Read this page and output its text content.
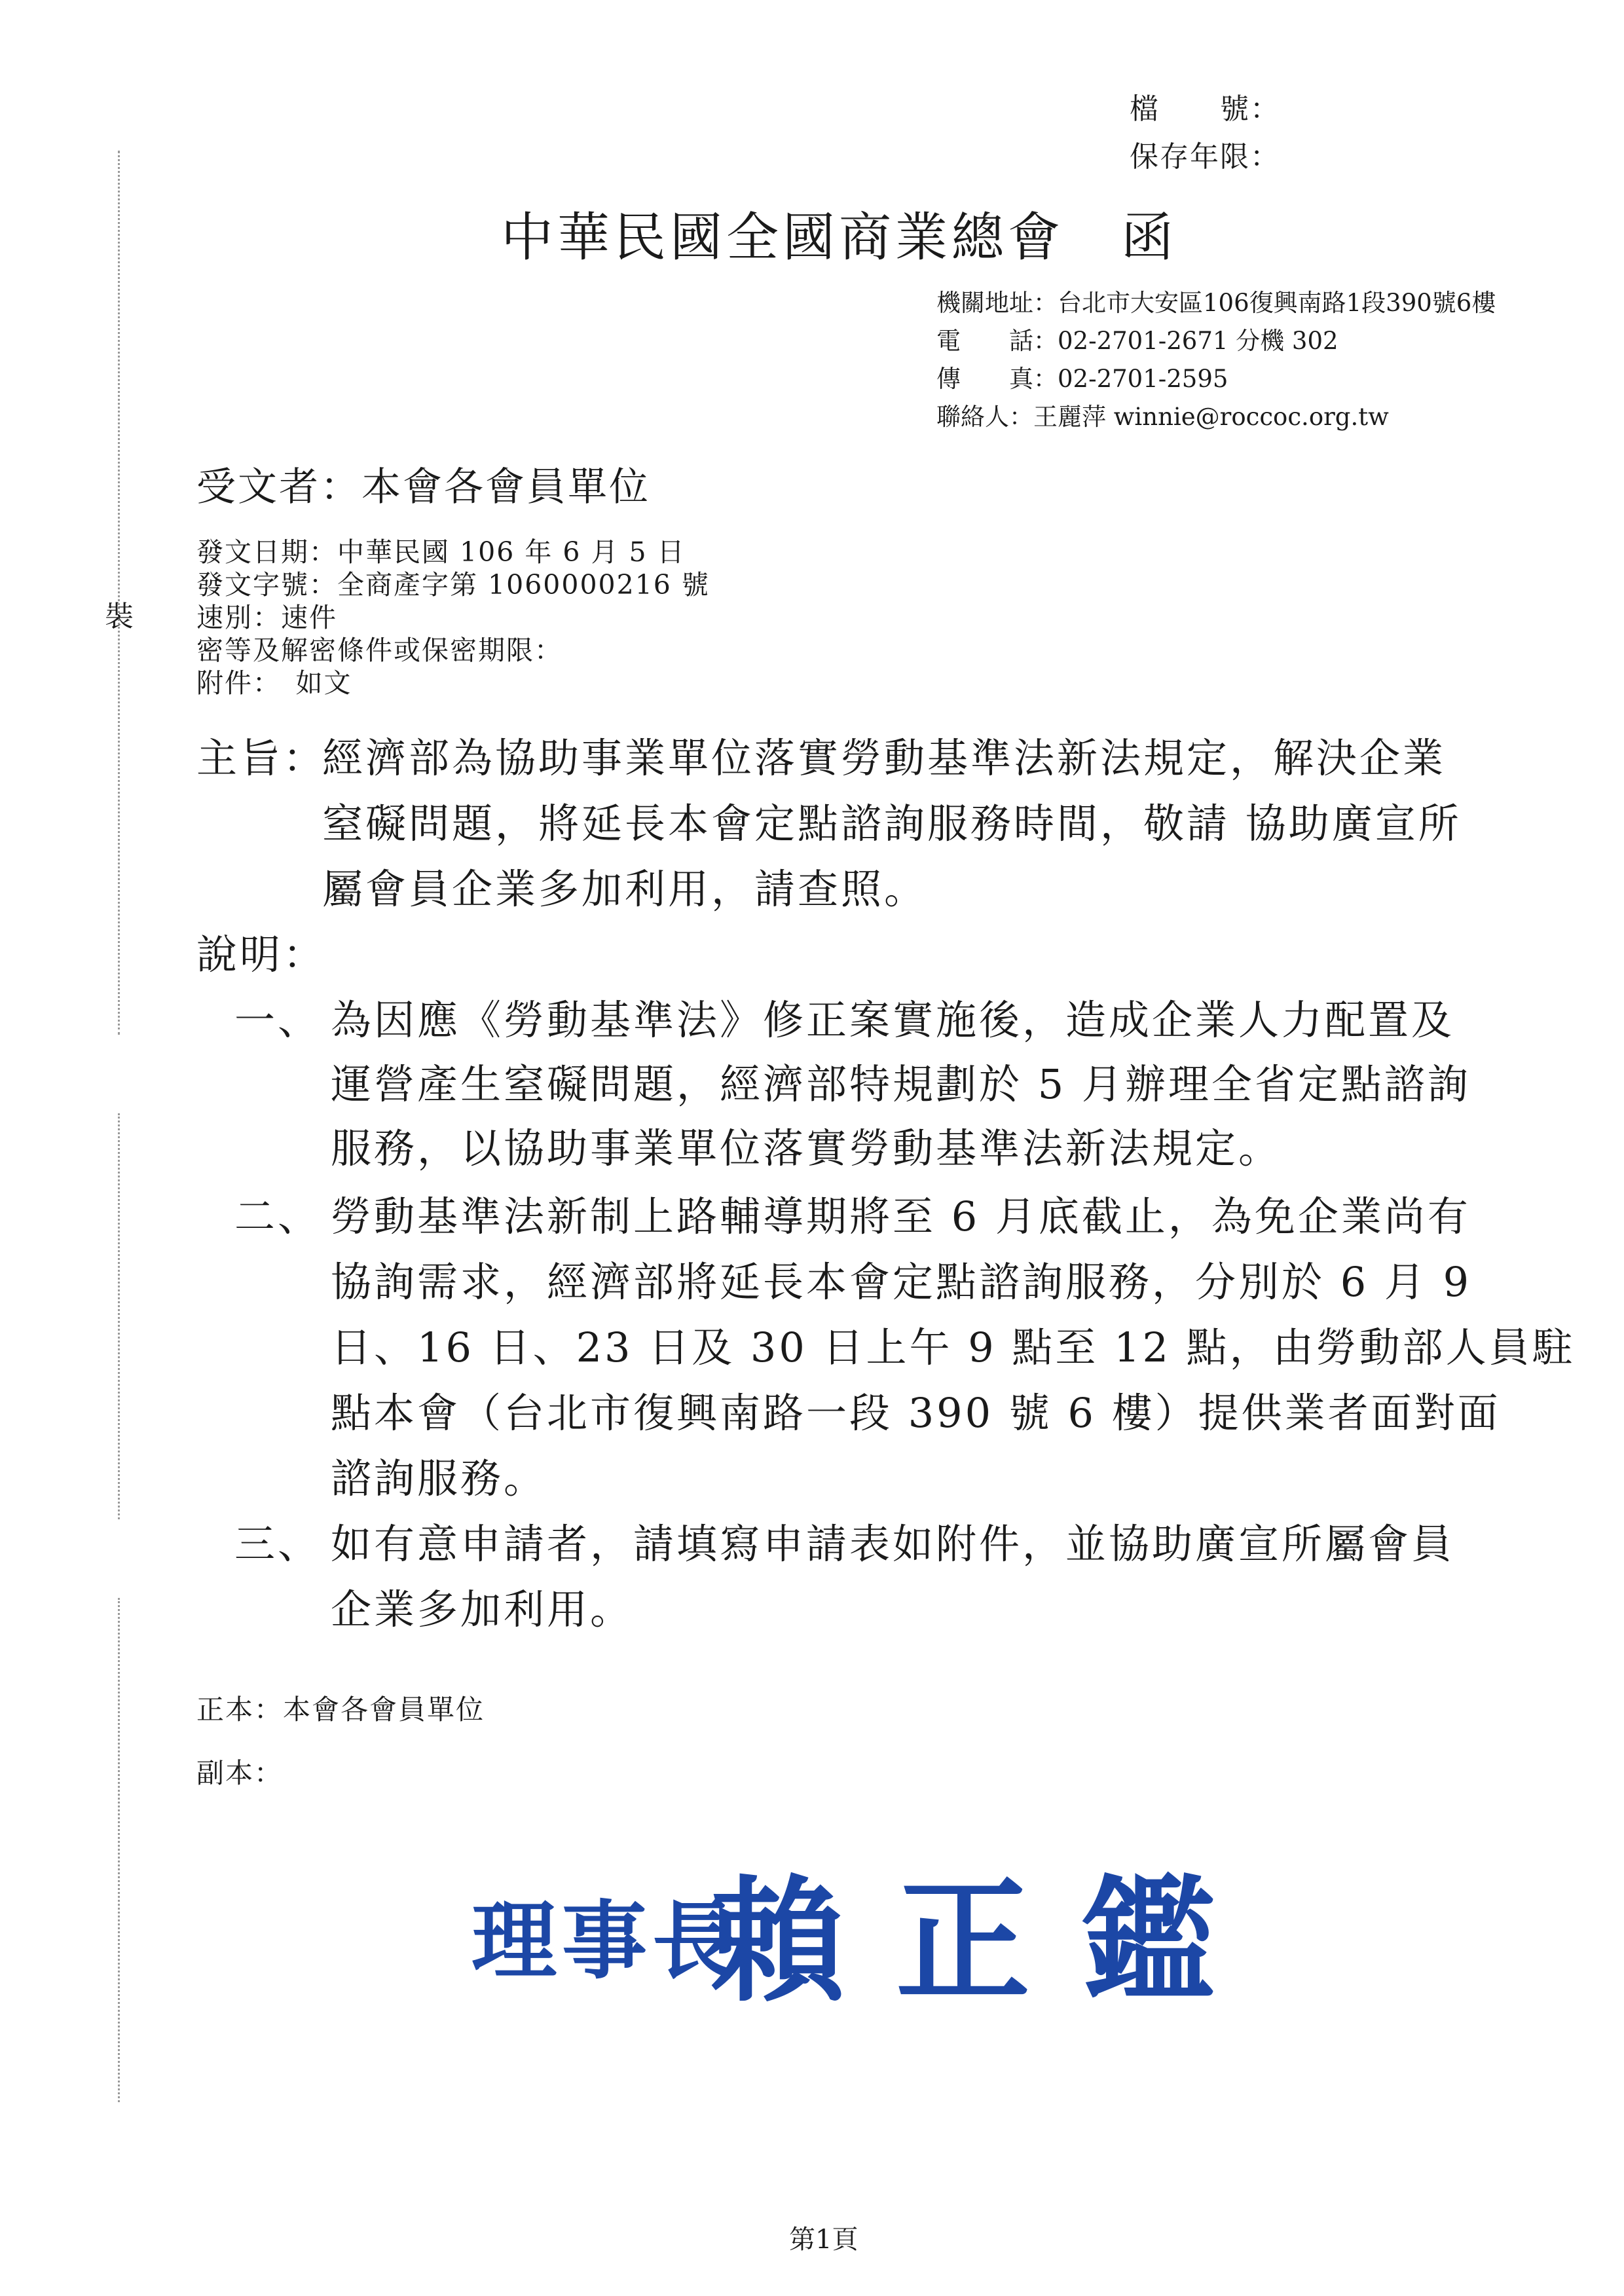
裝
檔　　號：
保存年限：
中華民國全國商業總會 函
機關地址：台北市大安區106復興南路1段390號6樓
電　　話：02-2701-2671 分機 302
傳　　真：02-2701-2595
聯絡人：王麗萍 winnie@roccoc.org.tw
受文者：本會各會員單位
發文日期：中華民國 106 年 6 月 5 日
發文字號：全商產字第 1060000216 號
速別：速件
密等及解密條件或保密期限：
附件：　如文
主旨：
經濟部為協助事業單位落實勞動基準法新法規定，解決企業
窒礙問題，將延長本會定點諮詢服務時間，敬請 協助廣宣所
屬會員企業多加利用，請查照。
說明：
一、 為因應《勞動基準法》修正案實施後，造成企業人力配置及
運營產生窒礙問題，經濟部特規劃於 5 月辦理全省定點諮詢
服務，以協助事業單位落實勞動基準法新法規定。
二、 勞動基準法新制上路輔導期將至 6 月底截止，為免企業尚有
協詢需求，經濟部將延長本會定點諮詢服務，分別於 6 月 9
日、16 日、23 日及 30 日上午 9 點至 12 點，由勞動部人員駐
點本會（台北市復興南路一段 390 號 6 樓）提供業者面對面
諮詢服務。
三、 如有意申請者，請填寫申請表如附件，並協助廣宣所屬會員
企業多加利用。
正本：本會各會員單位
副本：
理事長
賴正鑑
第1頁
